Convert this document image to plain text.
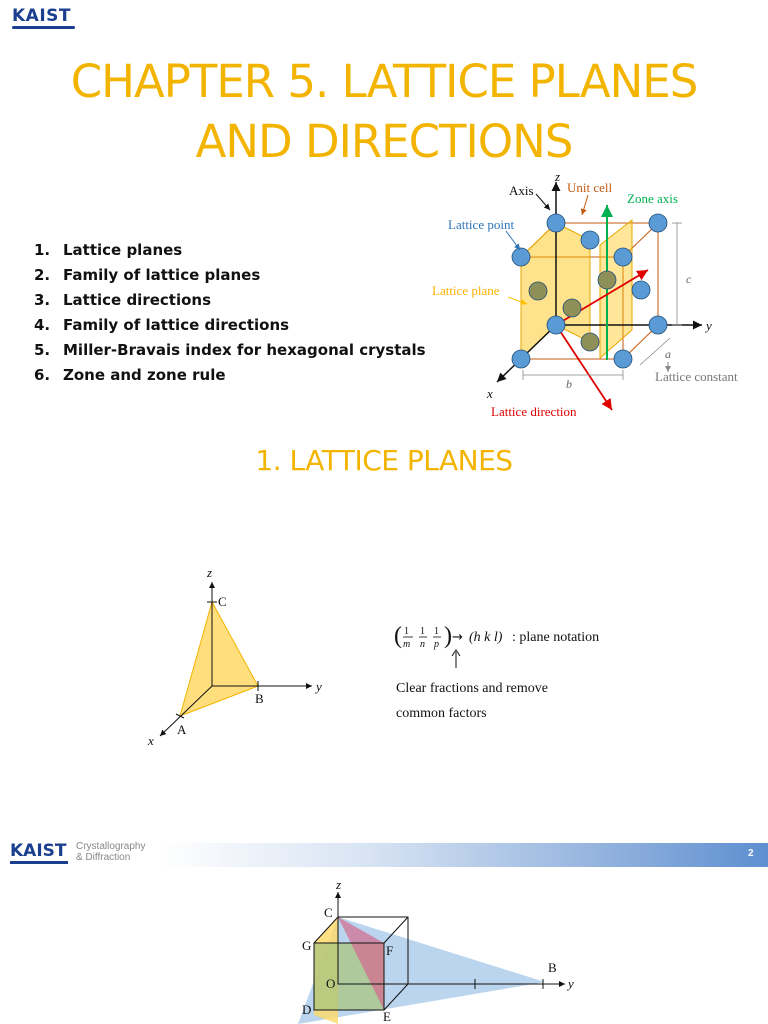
KAIST
CHAPTER 5. LATTICE PLANES
AND DIRECTIONS
1. Lattice planes
2. Family of lattice planes
3. Lattice directions
4. Family of lattice directions
5. Miller-Bravais index for hexagonal crystals
6. Zone and zone rule
Axis
z
Unit cell
Zone axis
Lattice point
Lattice plane
c
y
a
Lattice constant
b
x
Lattice direction
1. LATTICE PLANES
z
C
y
B
A
x
( 1
m
1
n
1
p ) → (h k l) : plane notation
Clear fractions and remove
common factors
KAIST Crystallography
& Diffraction	2
z
C
G	F
B
y
O
D	E
